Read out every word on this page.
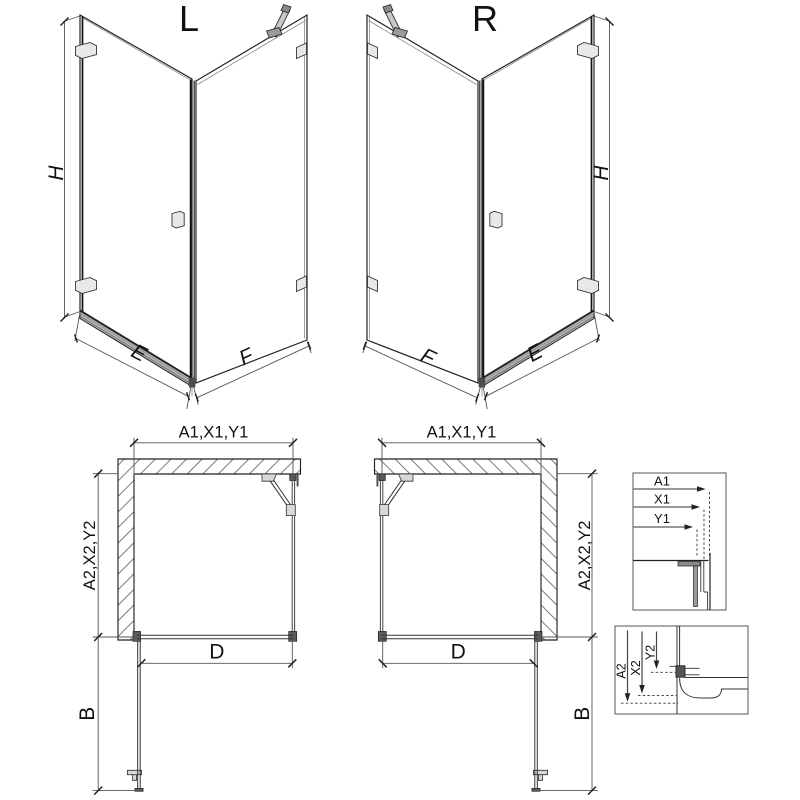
L
H
E	F
R
H
E
F
A1,X1,Y1
A2,X2,Y2
D
B
A1,X1,Y1
A2,X2,Y2
D
B
A1
X1
Y1
A2 X2
Y2
